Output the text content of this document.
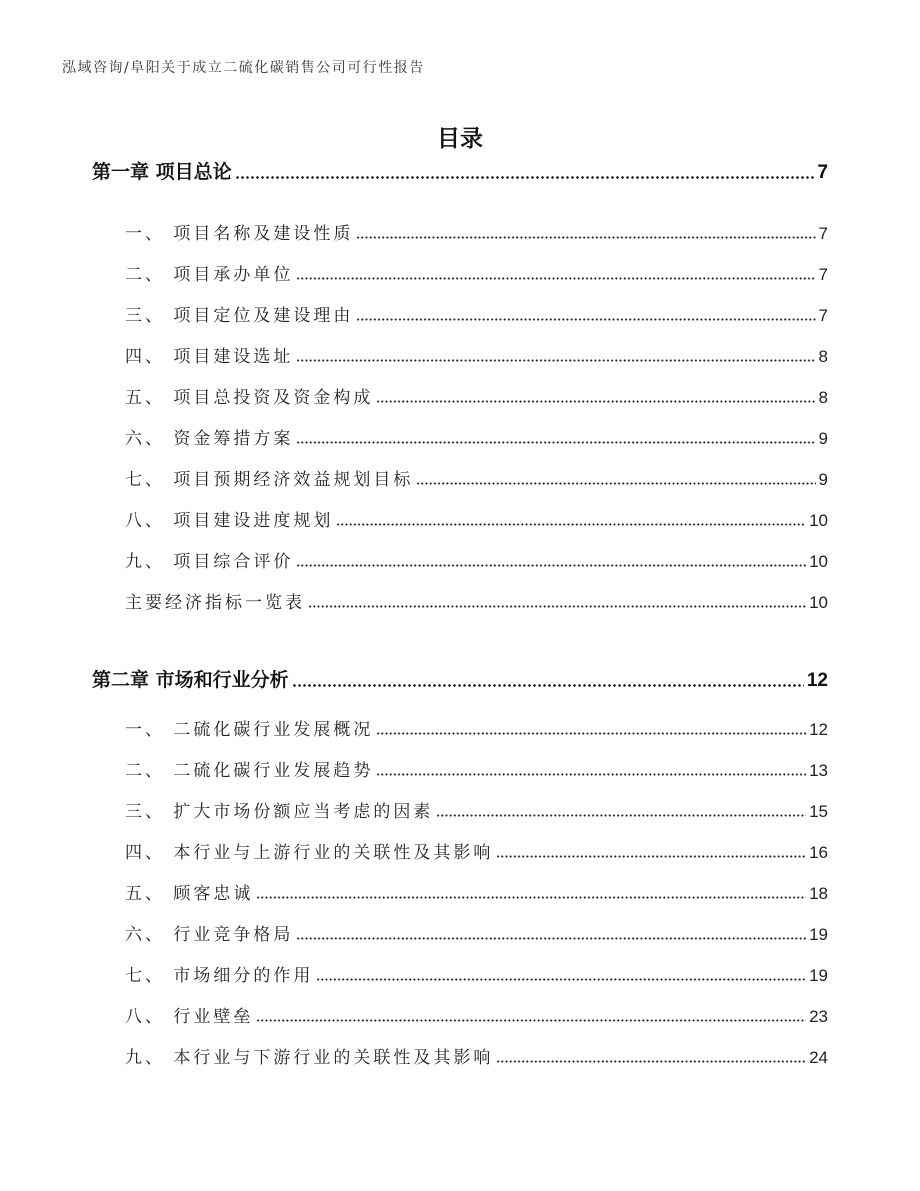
泓域咨询/阜阳关于成立二硫化碳销售公司可行性报告
目录
第一章 项目总论	7
一、 项目名称及建设性质	7
二、 项目承办单位	7
三、 项目定位及建设理由	7
四、 项目建设选址	8
五、 项目总投资及资金构成	8
六、 资金筹措方案	9
七、 项目预期经济效益规划目标	9
八、 项目建设进度规划	10
九、 项目综合评价	10
主要经济指标一览表	10
第二章 市场和行业分析	12
一、 二硫化碳行业发展概况	12
二、 二硫化碳行业发展趋势	13
三、 扩大市场份额应当考虑的因素	15
四、 本行业与上游行业的关联性及其影响	16
五、 顾客忠诚	18
六、 行业竞争格局	19
七、 市场细分的作用	19
八、 行业壁垒	23
九、 本行业与下游行业的关联性及其影响	24
